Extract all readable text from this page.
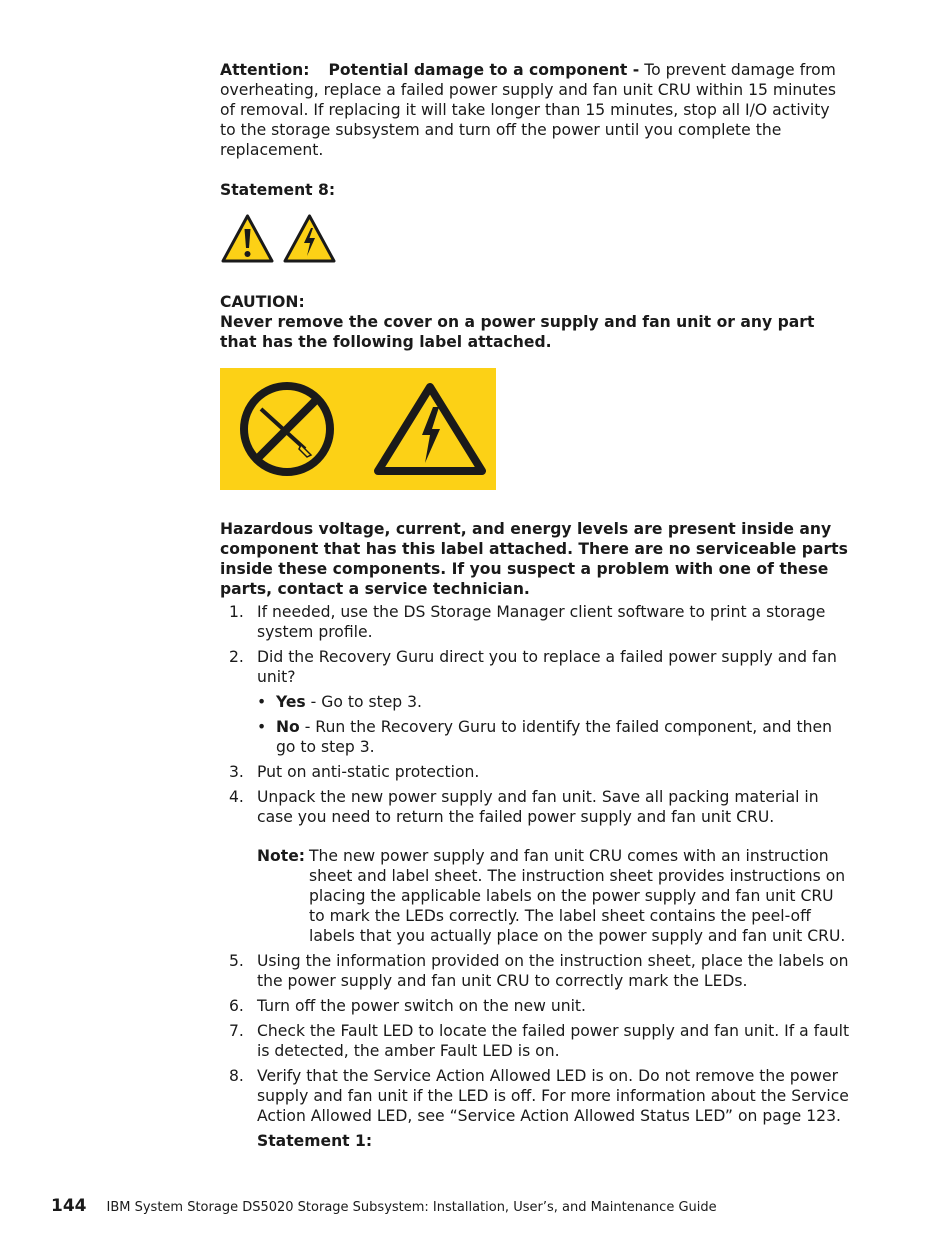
Attention: Potential damage to a component - To prevent damage from overheating, replace a failed power supply and fan unit CRU within 15 minutes of removal. If replacing it will take longer than 15 minutes, stop all I/O activity to the storage subsystem and turn off the power until you complete the replacement.

Statement 8:
CAUTION:
Never remove the cover on a power supply and fan unit or any part that has the following label attached.

Hazardous voltage, current, and energy levels are present inside any component that has this label attached. There are no serviceable parts inside these components. If you suspect a problem with one of these parts, contact a service technician.

1. If needed, use the DS Storage Manager client software to print a storage system profile.
2. Did the Recovery Guru direct you to replace a failed power supply and fan unit?
• Yes - Go to step 3.
• No - Run the Recovery Guru to identify the failed component, and then go to step 3.
3. Put on anti-static protection.
4. Unpack the new power supply and fan unit. Save all packing material in case you need to return the failed power supply and fan unit CRU.
Note: The new power supply and fan unit CRU comes with an instruction sheet and label sheet. The instruction sheet provides instructions on placing the applicable labels on the power supply and fan unit CRU to mark the LEDs correctly. The label sheet contains the peel-off labels that you actually place on the power supply and fan unit CRU.
5. Using the information provided on the instruction sheet, place the labels on the power supply and fan unit CRU to correctly mark the LEDs.
6. Turn off the power switch on the new unit.
7. Check the Fault LED to locate the failed power supply and fan unit. If a fault is detected, the amber Fault LED is on.
8. Verify that the Service Action Allowed LED is on. Do not remove the power supply and fan unit if the LED is off. For more information about the Service Action Allowed LED, see “Service Action Allowed Status LED” on page 123.
Statement 1:
144 IBM System Storage DS5020 Storage Subsystem: Installation, User’s, and Maintenance Guide
